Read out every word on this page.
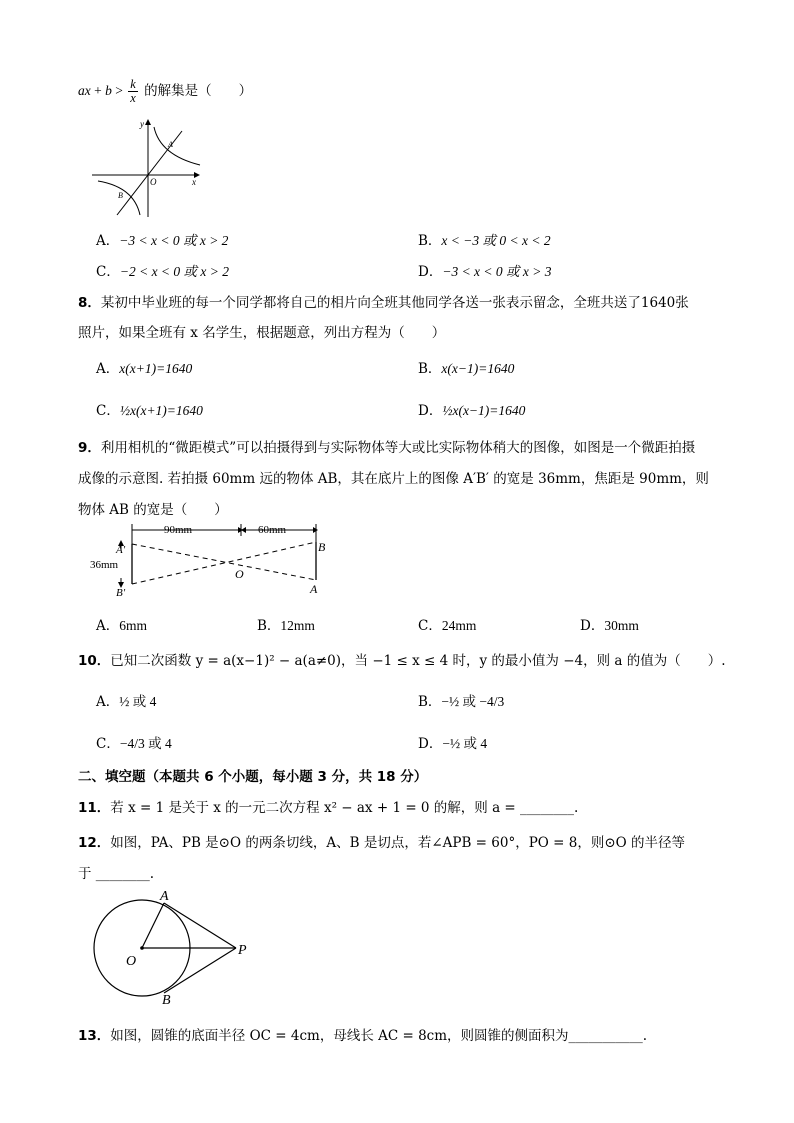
ax + $b > \frac{k}{x}$ 的解集是（　　）
y
x
O
A
B
A．−3 < x < 0 或 x > 2	B．x < −3 或 0 < x < 2
C．−2 < x < 0 或 x > 2	D．−3 < x < 0 或 x > 3
8．某初中毕业班的每一个同学都将自己的相片向全班其他同学各送一张表示留念，全班共送了1640张
照片，如果全班有 x 名学生，根据题意，列出方程为（　　）
A．x(x+1)=1640	B．x(x−1)=1640
C．½x(x+1)=1640	D．½x(x−1)=1640
9．利用相机的“微距模式”可以拍摄得到与实际物体等大或比实际物体稍大的图像，如图是一个微距拍摄
成像的示意图. 若拍摄 60mm 远的物体 AB，其在底片上的图像 A′B′ 的宽是 36mm，焦距是 90mm，则
物体 AB 的宽是（　　）
90mm	60mm
36mm
A′
B′
B
A
O
A．6mm	B．12mm	C．24mm	D．30mm
10．已知二次函数 y = a(x−1)² − a(a≠0)，当 −1 ≤ x ≤ 4 时，y 的最小值为 −4，则 a 的值为（　　）.
A．½ 或 4	B．−½ 或 −4/3
C．−4/3 或 4	D．−½ 或 4
二、填空题（本题共 6 个小题，每小题 3 分，共 18 分）
11．若 x = 1 是关于 x 的一元二次方程 x² − ax + 1 = 0 的解，则 a = ________.
12．如图，PA、PB 是⊙O 的两条切线，A、B 是切点，若∠APB = 60°，PO = 8，则⊙O 的半径等
于 ________.
A
B
O
P
13．如图，圆锥的底面半径 OC = 4cm，母线长 AC = 8cm，则圆锥的侧面积为___________.
